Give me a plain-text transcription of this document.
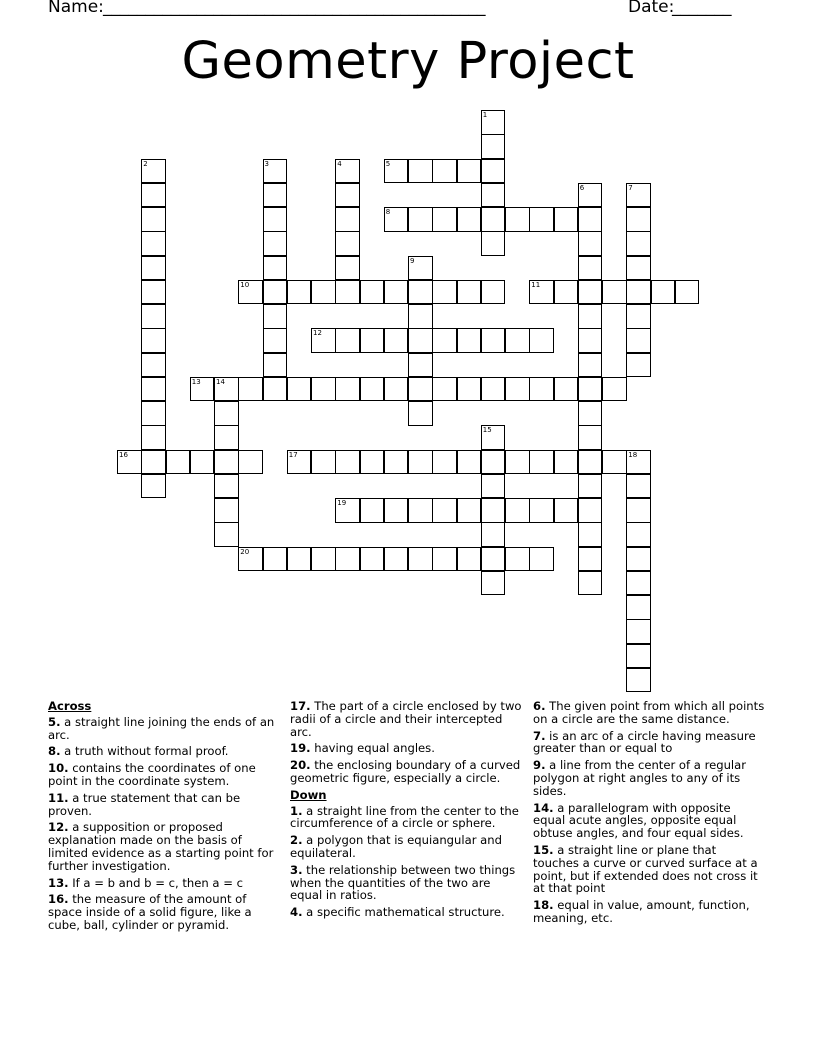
Name: _____________________________________________	Date:
_______
Geometry Project
1
2	3	4	5
6	7
8
9
10	11
12
13 14
15
16	17	18
19
20
Across
5. a straight line joining the ends of an arc.
8. a truth without formal proof.
10. contains the coordinates of one point in the coordinate system.
11. a true statement that can be proven.
12. a supposition or proposed explanation made on the basis of limited evidence as a starting point for further investigation.
13. If a = b and b = c, then a = c
16. the measure of the amount of space inside of a solid figure, like a cube, ball, cylinder or pyramid.
17. The part of a circle enclosed by two radii of a circle and their intercepted arc.
19. having equal angles.
20. the enclosing boundary of a curved geometric figure, especially a circle.
Down
1. a straight line from the center to the circumference of a circle or sphere.
2. a polygon that is equiangular and equilateral.
3. the relationship between two things when the quantities of the two are equal in ratios.
4. a specific mathematical structure.
6. The given point from which all points on a circle are the same distance.
7. is an arc of a circle having measure greater than or equal to
9. a line from the center of a regular polygon at right angles to any of its sides.
14. a parallelogram with opposite equal acute angles, opposite equal obtuse angles, and four equal sides.
15. a straight line or plane that touches a curve or curved surface at a point, but if extended does not cross it at that point
18. equal in value, amount, function, meaning, etc.
